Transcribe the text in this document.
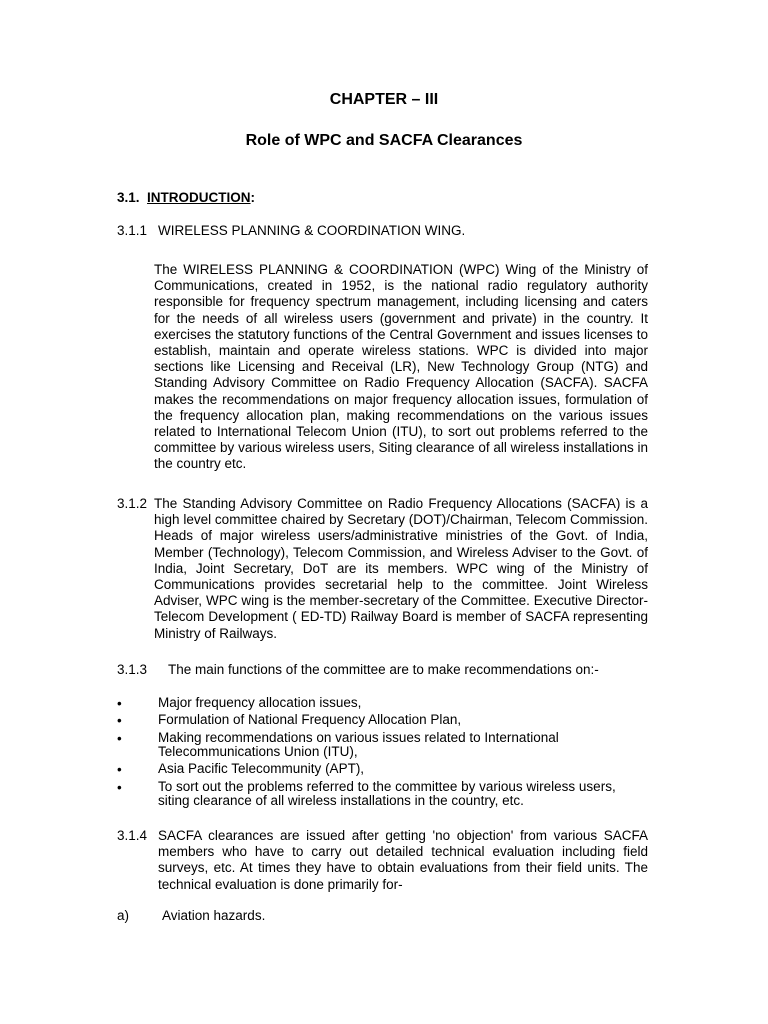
CHAPTER – III
Role of WPC and SACFA Clearances
3.1. INTRODUCTION:
3.1.1 WIRELESS PLANNING & COORDINATION WING.
The WIRELESS PLANNING & COORDINATION (WPC) Wing of the Ministry of Communications, created in 1952, is the national radio regulatory authority responsible for frequency spectrum management, including licensing and caters for the needs of all wireless users (government and private) in the country. It exercises the statutory functions of the Central Government and issues licenses to establish, maintain and operate wireless stations. WPC is divided into major sections like Licensing and Receival (LR), New Technology Group (NTG) and Standing Advisory Committee on Radio Frequency Allocation (SACFA). SACFA makes the recommendations on major frequency allocation issues, formulation of the frequency allocation plan, making recommendations on the various issues related to International Telecom Union (ITU), to sort out problems referred to the committee by various wireless users, Siting clearance of all wireless installations in the country etc.
3.1.2 The Standing Advisory Committee on Radio Frequency Allocations (SACFA) is a high level committee chaired by Secretary (DOT)/Chairman, Telecom Commission. Heads of major wireless users/administrative ministries of the Govt. of India, Member (Technology), Telecom Commission, and Wireless Adviser to the Govt. of India, Joint Secretary, DoT are its members. WPC wing of the Ministry of Communications provides secretarial help to the committee. Joint Wireless Adviser, WPC wing is the member-secretary of the Committee. Executive Director-Telecom Development ( ED-TD) Railway Board is member of SACFA representing Ministry of Railways.
3.1.3 The main functions of the committee are to make recommendations on:-
•	Major frequency allocation issues,
•	Formulation of National Frequency Allocation Plan,
•	Making recommendations on various issues related to International Telecommunications Union (ITU),
•	Asia Pacific Telecommunity (APT),
•	To sort out the problems referred to the committee by various wireless users, siting clearance of all wireless installations in the country, etc.
3.1.4 SACFA clearances are issued after getting 'no objection' from various SACFA members who have to carry out detailed technical evaluation including field surveys, etc. At times they have to obtain evaluations from their field units. The technical evaluation is done primarily for-
a) Aviation hazards.
